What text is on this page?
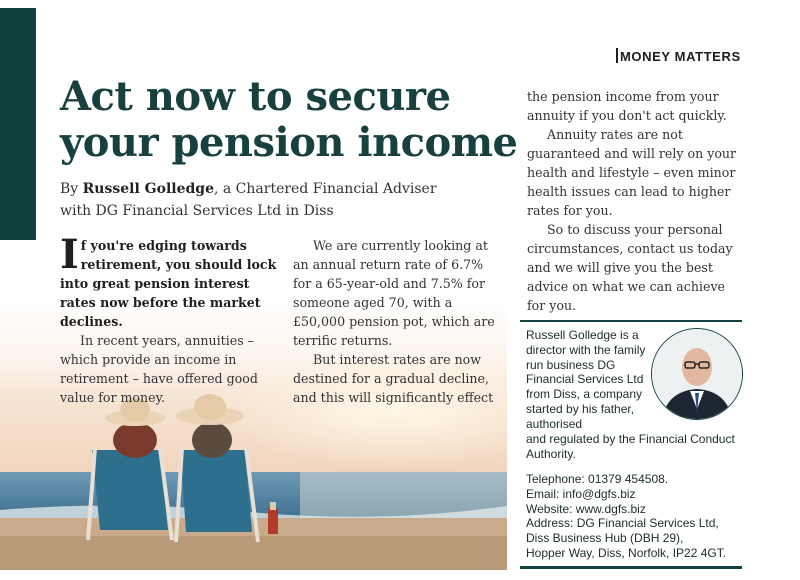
MONEY MATTERS
Act now to secure
your pension income
By Russell Golledge, a Chartered Financial Adviser
with DG Financial Services Ltd in Diss

If you're edging towards retirement, you should lock into great pension interest rates now before the market declines.

In recent years, annuities – which provide an income in retirement – have offered good value for money.

We are currently looking at an annual return rate of 6.7% for a 65-year-old and 7.5% for someone aged 70, with a £50,000 pension pot, which are terrific returns.

But interest rates are now destined for a gradual decline, and this will significantly effect

the pension income from your annuity if you don't act quickly.

Annuity rates are not guaranteed and will rely on your health and lifestyle – even minor health issues can lead to higher rates for you.

So to discuss your personal circumstances, contact us today and we will give you the best advice on what we can achieve for you.

Russell Golledge is a director with the family run business DG Financial Services Ltd from Diss, a company started by his father, authorised
and regulated by the Financial Conduct Authority.
Telephone: 01379 454508.
Email: info@dgfs.biz
Website: www.dgfs.biz
Address: DG Financial Services Ltd,
Diss Business Hub (DBH 29),
Hopper Way, Diss, Norfolk, IP22 4GT.
